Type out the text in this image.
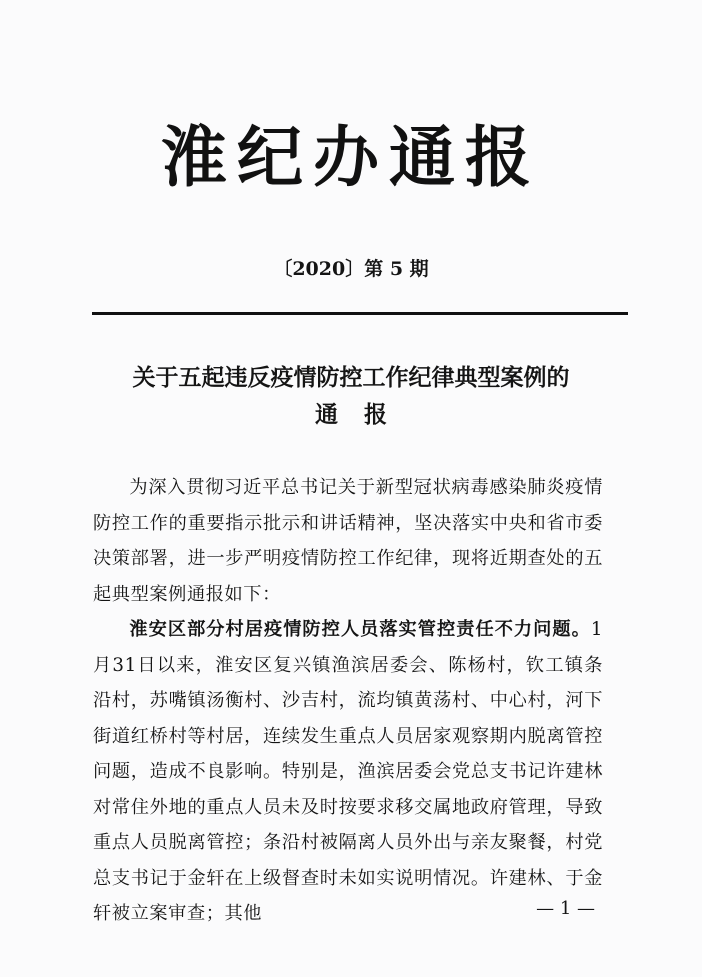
淮纪办通报
〔2020〕第 5 期
关于五起违反疫情防控工作纪律典型案例的
通报

为深入贯彻习近平总书记关于新型冠状病毒感染肺炎疫情防控工作的重要指示批示和讲话精神，坚决落实中央和省市委决策部署，进一步严明疫情防控工作纪律，现将近期查处的五起典型案例通报如下：

淮安区部分村居疫情防控人员落实管控责任不力问题。1月31日以来，淮安区复兴镇渔滨居委会、陈杨村，钦工镇条沿村，苏嘴镇汤衡村、沙吉村，流均镇黄荡村、中心村，河下街道红桥村等村居，连续发生重点人员居家观察期内脱离管控问题，造成不良影响。特别是，渔滨居委会党总支书记许建林对常住外地的重点人员未及时按要求移交属地政府管理，导致重点人员脱离管控；条沿村被隔离人员外出与亲友聚餐，村党总支书记于金轩在上级督查时未如实说明情况。许建林、于金轩被立案审查；其他	— 1 —
